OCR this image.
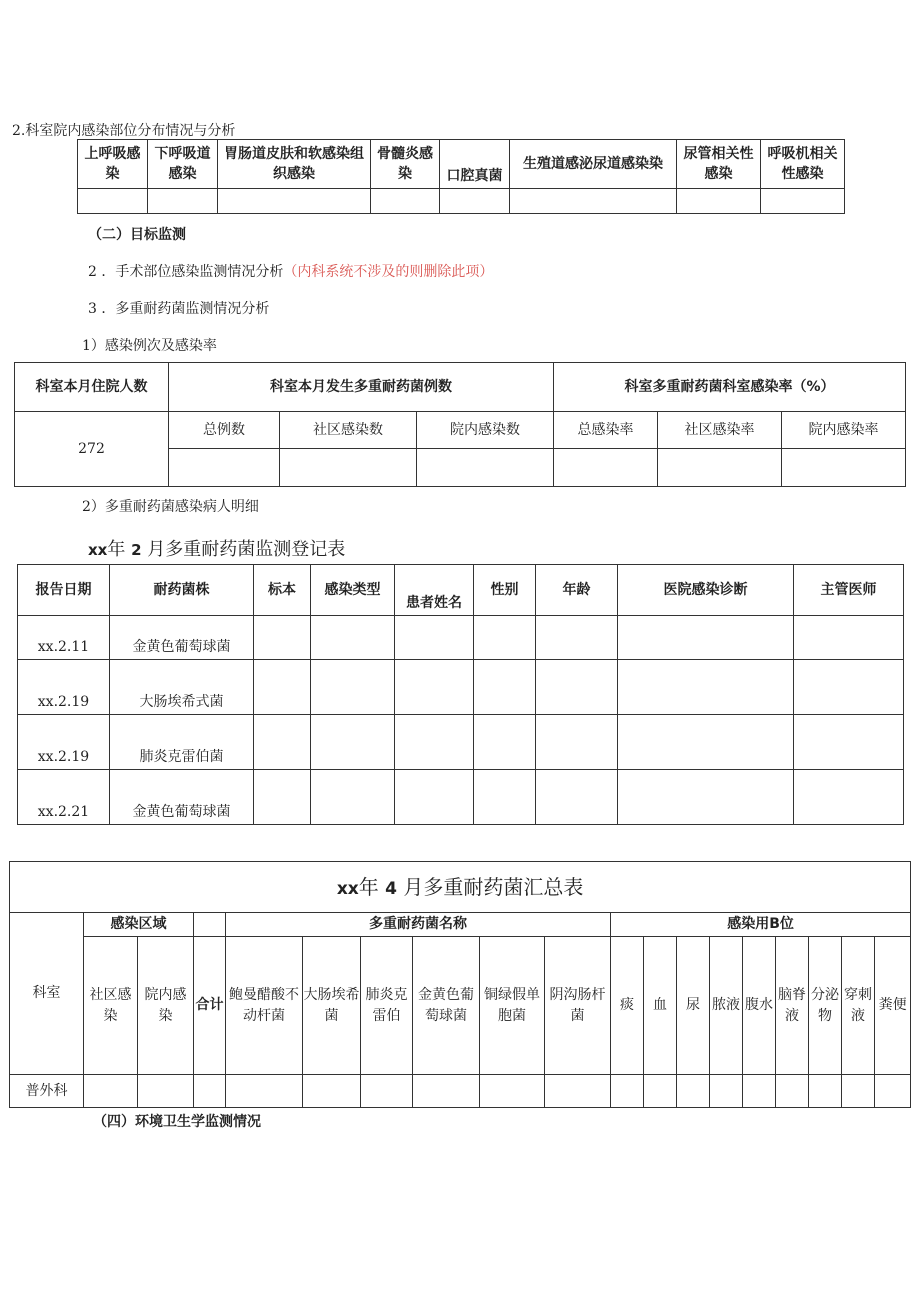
2.科室院内感染部位分布情况与分析
上呼吸感染	下呼吸道感染	胃肠道皮肤和软感染组织感染	骨髓炎感染	口腔真菌	生殖道感泌尿道感染染	尿管相关性感染	呼吸机相关性感染

（二）目标监测
2 ．手术部位感染监测情况分析（内科系统不涉及的则删除此项）
3 ．多重耐药菌监测情况分析
1）感染例次及感染率
科室本月住院人数	科室本月发生多重耐药菌例数			科室多重耐药菌科室感染率（%）		
272	总例数	社区感染数	院内感染数	总感染率	社区感染率	院内感染率

2）多重耐药菌感染病人明细
xx年 2 月多重耐药菌监测登记表
报告日期	耐药菌株	标本	感染类型	患者姓名	性别	年龄	医院感染诊断	主管医师
xx.2.11	金黄色葡萄球菌							
xx.2.19	大肠埃希式菌							
xx.2.19	肺炎克雷伯菌							
xx.2.21	金黄色葡萄球菌							
xx年 4 月多重耐药菌汇总表																		
科室	感染区域			多重耐药菌名称						感染用B位								
	社区感染	院内感染	合计	鲍曼醋酸不动杆菌	大肠埃希菌	肺炎克雷伯	金黄色葡萄球菌	铜绿假单胞菌	阴沟肠杆菌	痰	血	尿	脓液	腹水	脑脊液	分泌物	穿刺液	粪便
普外科																		
（四）环境卫生学监测情况
